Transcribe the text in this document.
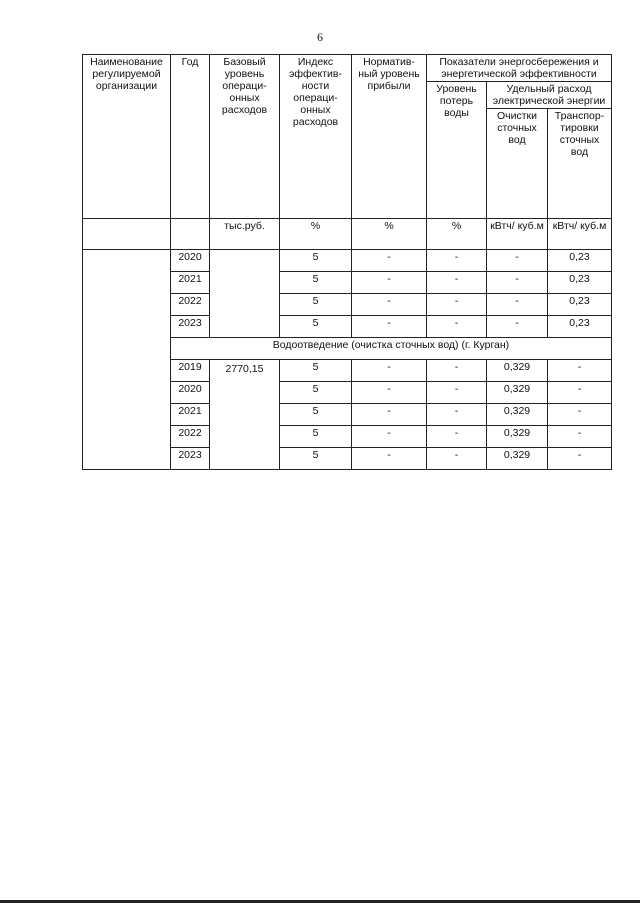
6
Наименование регулируемой организации	Год	Базовый уровень операци- онных расходов	Индекс эффектив- ности операци- онных расходов	Норматив- ный уровень прибыли	Показатели энергосбережения и энергетической эффективности		
					Уровень потерь воды	Удельный расход электрической энергии	
						Очистки сточных вод	Транспор- тировки сточных вод
		тыс.руб.	%	%	%	кВтч/ куб.м	кВтч/ куб.м
	2020		5	-	-	-	0,23
	2021		5	-	-	-	0,23
	2022		5	-	-	-	0,23
	2023		5	-	-	-	0,23
	Водоотведение (очистка сточных вод) (г. Курган)						
	2019	2770,15	5	-	-	0,329	-
	2020		5	-	-	0,329	-
	2021		5	-	-	0,329	-
	2022		5	-	-	0,329	-
	2023		5	-	-	0,329	-
